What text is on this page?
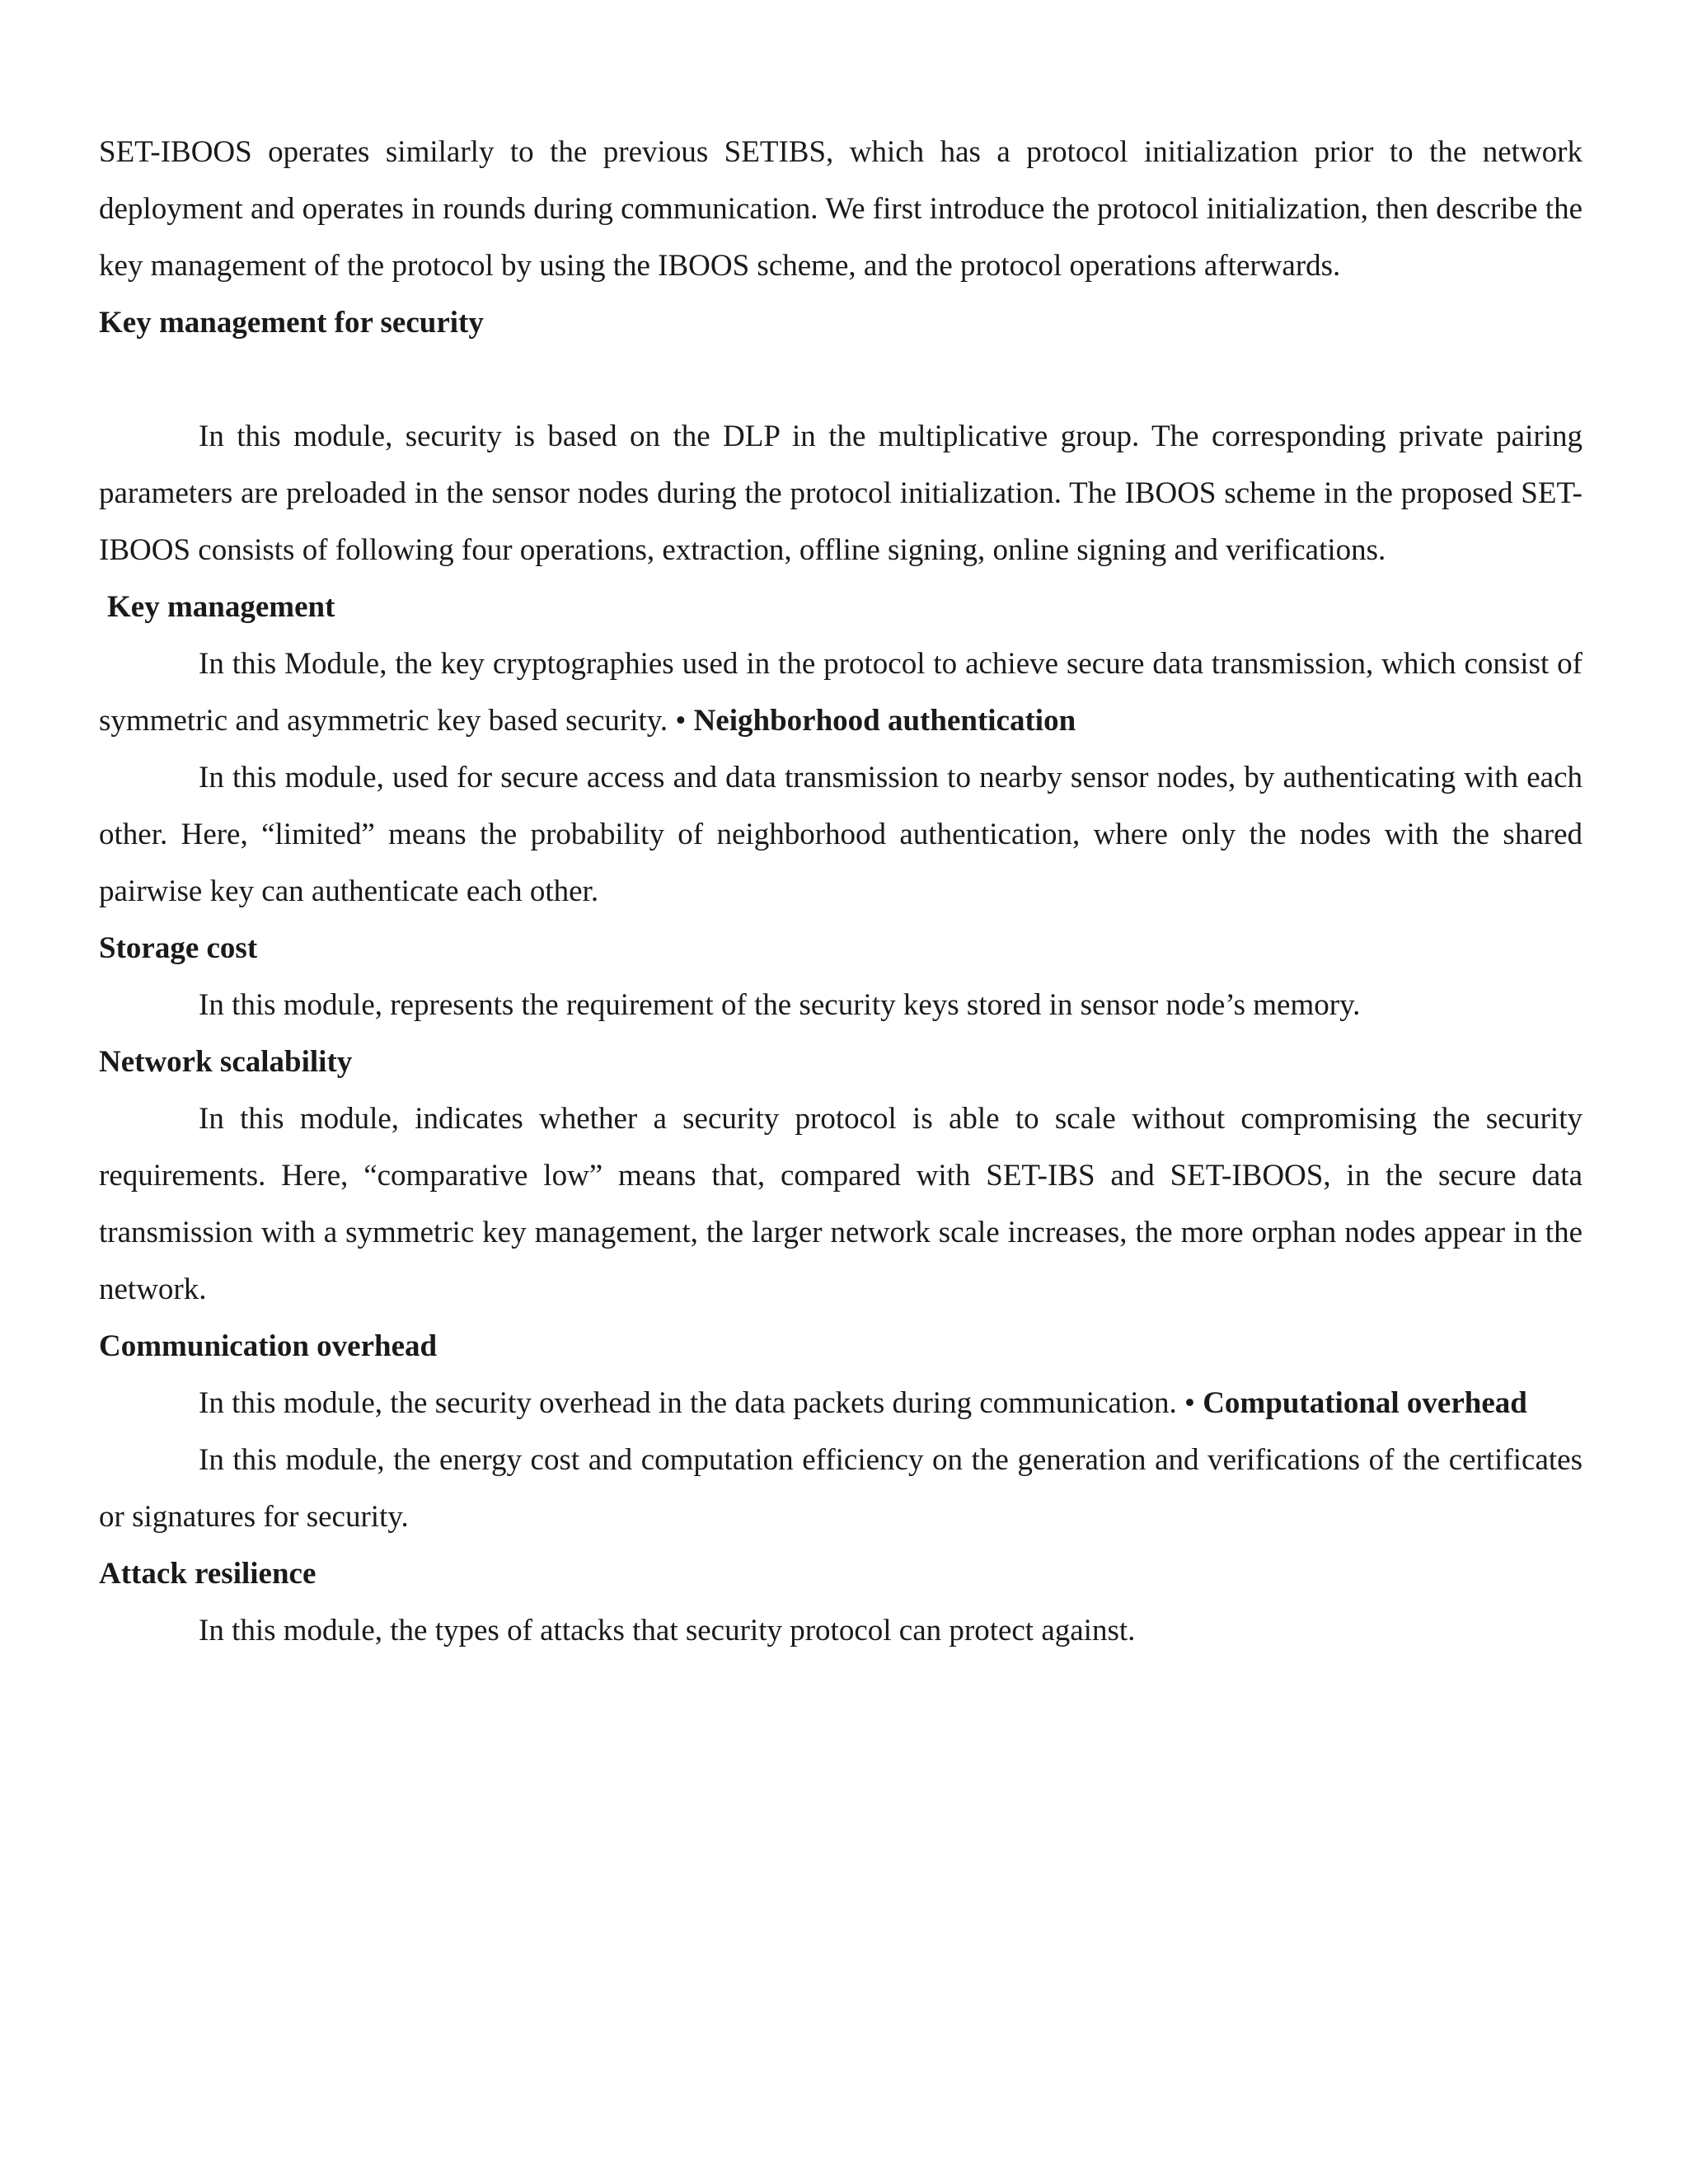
SET-IBOOS operates similarly to the previous SETIBS, which has a protocol initialization prior to the network deployment and operates in rounds during communication. We first introduce the protocol initialization, then describe the key management of the protocol by using the IBOOS scheme, and the protocol operations afterwards.

Key management for security

In this module, security is based on the DLP in the multiplicative group. The corresponding private pairing parameters are preloaded in the sensor nodes during the protocol initialization. The IBOOS scheme in the proposed SET-IBOOS consists of following four operations, extraction, offline signing, online signing and verifications.

Key management

In this Module, the key cryptographies used in the protocol to achieve secure data transmission, which consist of symmetric and asymmetric key based security. • Neighborhood authentication

In this module, used for secure access and data transmission to nearby sensor nodes, by authenticating with each other. Here, “limited” means the probability of neighborhood authentication, where only the nodes with the shared pairwise key can authenticate each other.

Storage cost

In this module, represents the requirement of the security keys stored in sensor node’s memory.

Network scalability

In this module, indicates whether a security protocol is able to scale without compromising the security requirements. Here, “comparative low” means that, compared with SET-IBS and SET-IBOOS, in the secure data transmission with a symmetric key management, the larger network scale increases, the more orphan nodes appear in the network.

Communication overhead

In this module, the security overhead in the data packets during communication. • Computational overhead

In this module, the energy cost and computation efficiency on the generation and verifications of the certificates or signatures for security.

Attack resilience

In this module, the types of attacks that security protocol can protect against.
